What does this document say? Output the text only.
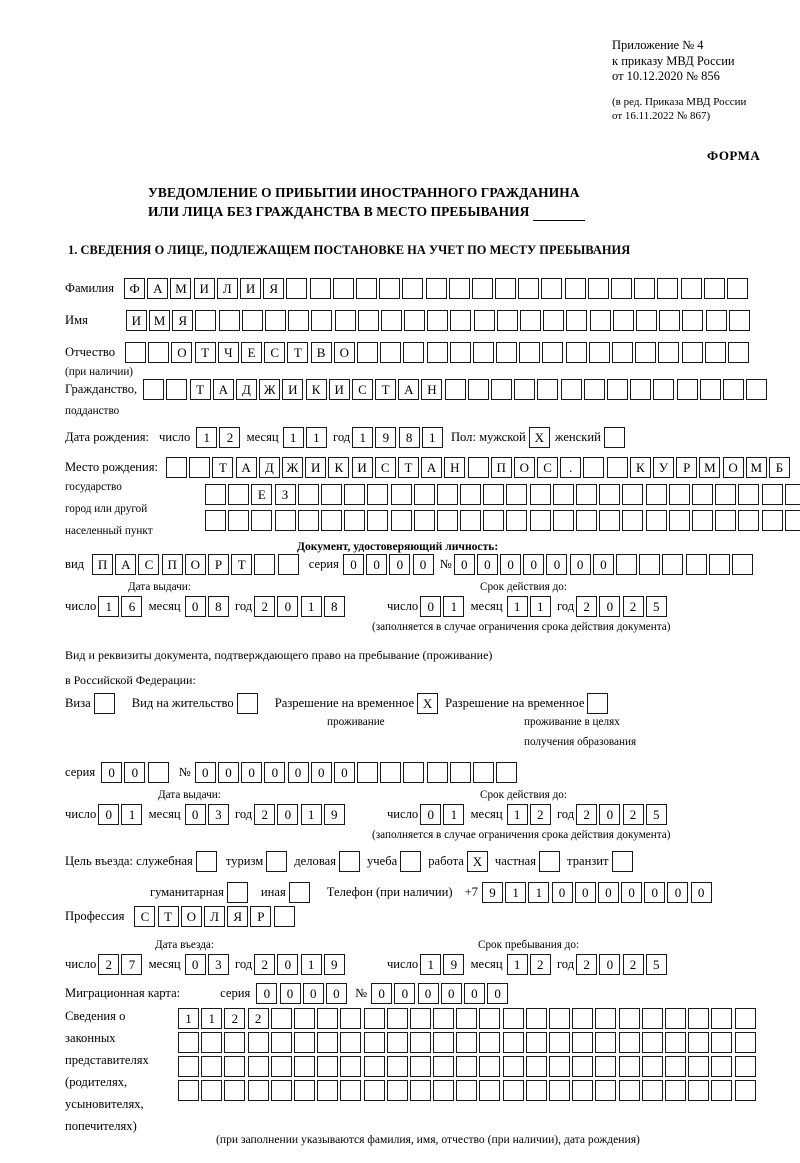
Приложение № 4
к приказу МВД России
от 10.12.2020 № 856
(в ред. Приказа МВД России
от 16.11.2022 № 867)
ФОРМА
УВЕДОМЛЕНИЕ О ПРИБЫТИИ ИНОСТРАННОГО ГРАЖДАНИНА
ИЛИ ЛИЦА БЕЗ ГРАЖДАНСТВА В МЕСТО ПРЕБЫВАНИЯ
1. СВЕДЕНИЯ О ЛИЦЕ, ПОДЛЕЖАЩЕМ ПОСТАНОВКЕ НА УЧЕТ ПО МЕСТУ ПРЕБЫВАНИЯ
Фамилия	Ф	А М И	Л	И	Я
Имя	И М	Я
Отчество	О	Т	Ч	Е	С	Т	В	О
(при наличии)
Гражданство,	Т	А	Д Ж И	К	И	С	Т	А	Н
подданство
Дата рождения: число	1	2	месяц 1	1	год 1	9	8	1	Пол: мужской X женский
Место рождения:	Т	А	Д Ж И	К	И	С	Т	А	Н	П	О	С	.	К	У	Р	М О М	Б
государство	Е	З
город или другой
населенный пункт
Документ, удостоверяющий личность:
вид	П	А	С	П	О	Р	Т	серия 0	0	0	0	№ 0	0	0	0	0	0	0
Дата выдачи:	Срок действия до:
число 1	6	месяц 0	8	год 2	0	1	8	число 0	1	месяц 1	1	год 2	0	2	5
(заполняется в случае ограничения срока действия документа)
Вид и реквизиты документа, подтверждающего право на пребывание (проживание)
в Российской Федерации:
Виза	Вид на жительство	Разрешение на временное X	Разрешение на временное
проживание	проживание в целях
получения образования
серия	0	0	№ 0	0	0	0	0	0	0
Дата выдачи:	Срок действия до:
число 0	1	месяц 0	3	год 2	0	1	9	число 0	1	месяц 1	2	год 2	0	2	5
(заполняется в случае ограничения срока действия документа)
Цель въезда: служебная	туризм деловая учеба работа X	частная транзит
гуманитарная	иная	Телефон (при наличии) +7 9	1	1	0	0	0	0	0	0	0
Профессия	С	Т	О	Л	Я	Р
Дата въезда:	Срок пребывания до:
число 2	7	месяц 0	3	год 2	0	1	9	число 1	9	месяц 1	2	год 2	0	2	5
Миграционная карта:	серия	0	0	0	0	№ 0	0	0	0	0	0
Сведения о
законных
представителях
(родителях,
усыновителях,
попечителях)
1	1	2	2
(при заполнении указываются фамилия, имя, отчество (при наличии), дата рождения)
